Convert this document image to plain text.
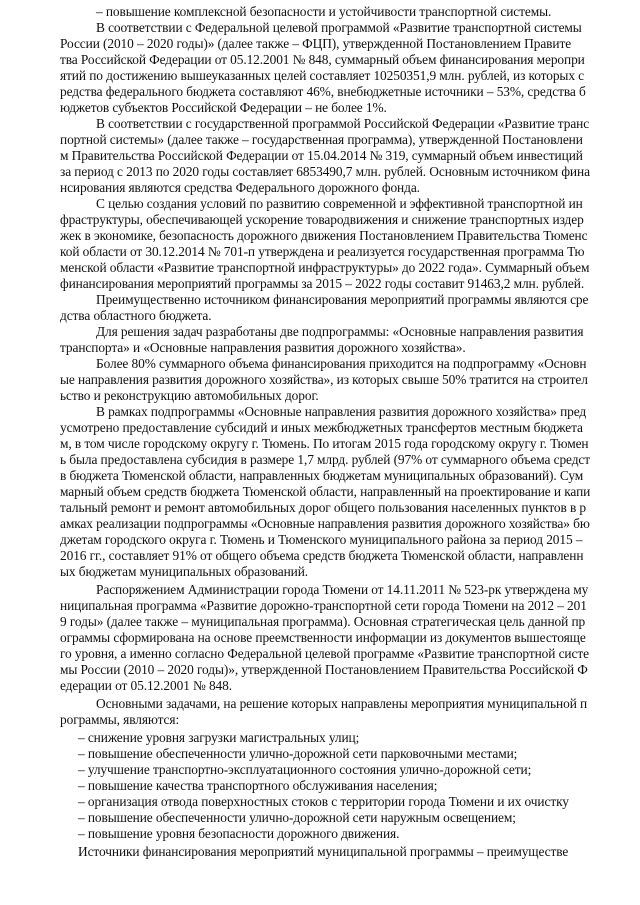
– повышение комплексной безопасности и устойчивости транспортной системы.
В соответствии с Федеральной целевой программой «Развитие транспортной системы
России (2010 – 2020 годы)» (далее также – ФЦП), утвержденной Постановлением Правите
тва Российской Федерации от 05.12.2001 № 848, суммарный объем финансирования меропри
ятий по достижению вышеуказанных целей составляет 10250351,9 млн. рублей, из которых с
редства федерального бюджета составляют 46%, внебюджетные источники – 53%, средства б
юджетов субъектов Российской Федерации – не более 1%.
В соответствии с государственной программой Российской Федерации «Развитие транс
портной системы» (далее также – государственная программа), утвержденной Постановлени
м Правительства Российской Федерации от 15.04.2014 № 319, суммарный объем инвестиций
за период с 2013 по 2020 годы составляет 6853490,7 млн. рублей. Основным источником фина
нсирования являются средства Федерального дорожного фонда.
С целью создания условий по развитию современной и эффективной транспортной ин
фраструктуры, обеспечивающей ускорение товародвижения и снижение транспортных издер
жек в экономике, безопасность дорожного движения Постановлением Правительства Тюменс
кой области от 30.12.2014 № 701-п утверждена и реализуется государственная программа Тю
менской области «Развитие транспортной инфраструктуры» до 2022 года». Суммарный объем
финансирования мероприятий программы за 2015 – 2022 годы составит 91463,2 млн. рублей.
Преимущественно источником финансирования мероприятий программы являются сре
дства областного бюджета.
Для решения задач разработаны две подпрограммы: «Основные направления развития
транспорта» и «Основные направления развития дорожного хозяйства».
Более 80% суммарного объема финансирования приходится на подпрограмму «Основн
ые направления развития дорожного хозяйства», из которых свыше 50% тратится на строител
ьство и реконструкцию автомобильных дорог.
В рамках подпрограммы «Основные направления развития дорожного хозяйства» пред
усмотрено предоставление субсидий и иных межбюджетных трансфертов местным бюджета
м, в том числе городскому округу г. Тюмень. По итогам 2015 года городскому округу г. Тюмен
ь была предоставлена субсидия в размере 1,7 млрд. рублей (97% от суммарного объема средст
в бюджета Тюменской области, направленных бюджетам муниципальных образований). Сум
марный объем средств бюджета Тюменской области, направленный на проектирование и капи
тальный ремонт и ремонт автомобильных дорог общего пользования населенных пунктов в р
амках реализации подпрограммы «Основные направления развития дорожного хозяйства» бю
джетам городского округа г. Тюмень и Тюменского муниципального района за период 2015 –
2016 гг., составляет 91% от общего объема средств бюджета Тюменской области, направленн
ых бюджетам муниципальных образований.
Распоряжением Администрации города Тюмени от 14.11.2011 № 523-рк утверждена му
ниципальная программа «Развитие дорожно-транспортной сети города Тюмени на 2012 – 201
9 годы» (далее также – муниципальная программа). Основная стратегическая цель данной пр
ограммы сформирована на основе преемственности информации из документов вышестояще
го уровня, а именно согласно Федеральной целевой программе «Развитие транспортной систе
мы России (2010 – 2020 годы)», утвержденной Постановлением Правительства Российской Ф
едерации от 05.12.2001 № 848.
Основными задачами, на решение которых направлены мероприятия муниципальной п
рограммы, являются:
– снижение уровня загрузки магистральных улиц;
– повышение обеспеченности улично-дорожной сети парковочными местами;
– улучшение транспортно-эксплуатационного состояния улично-дорожной сети;
– повышение качества транспортного обслуживания населения;
– организация отвода поверхностных стоков с территории города Тюмени и их очистку
– повышение обеспеченности улично-дорожной сети наружным освещением;
– повышение уровня безопасности дорожного движения.
Источники финансирования мероприятий муниципальной программы – преимуществе
